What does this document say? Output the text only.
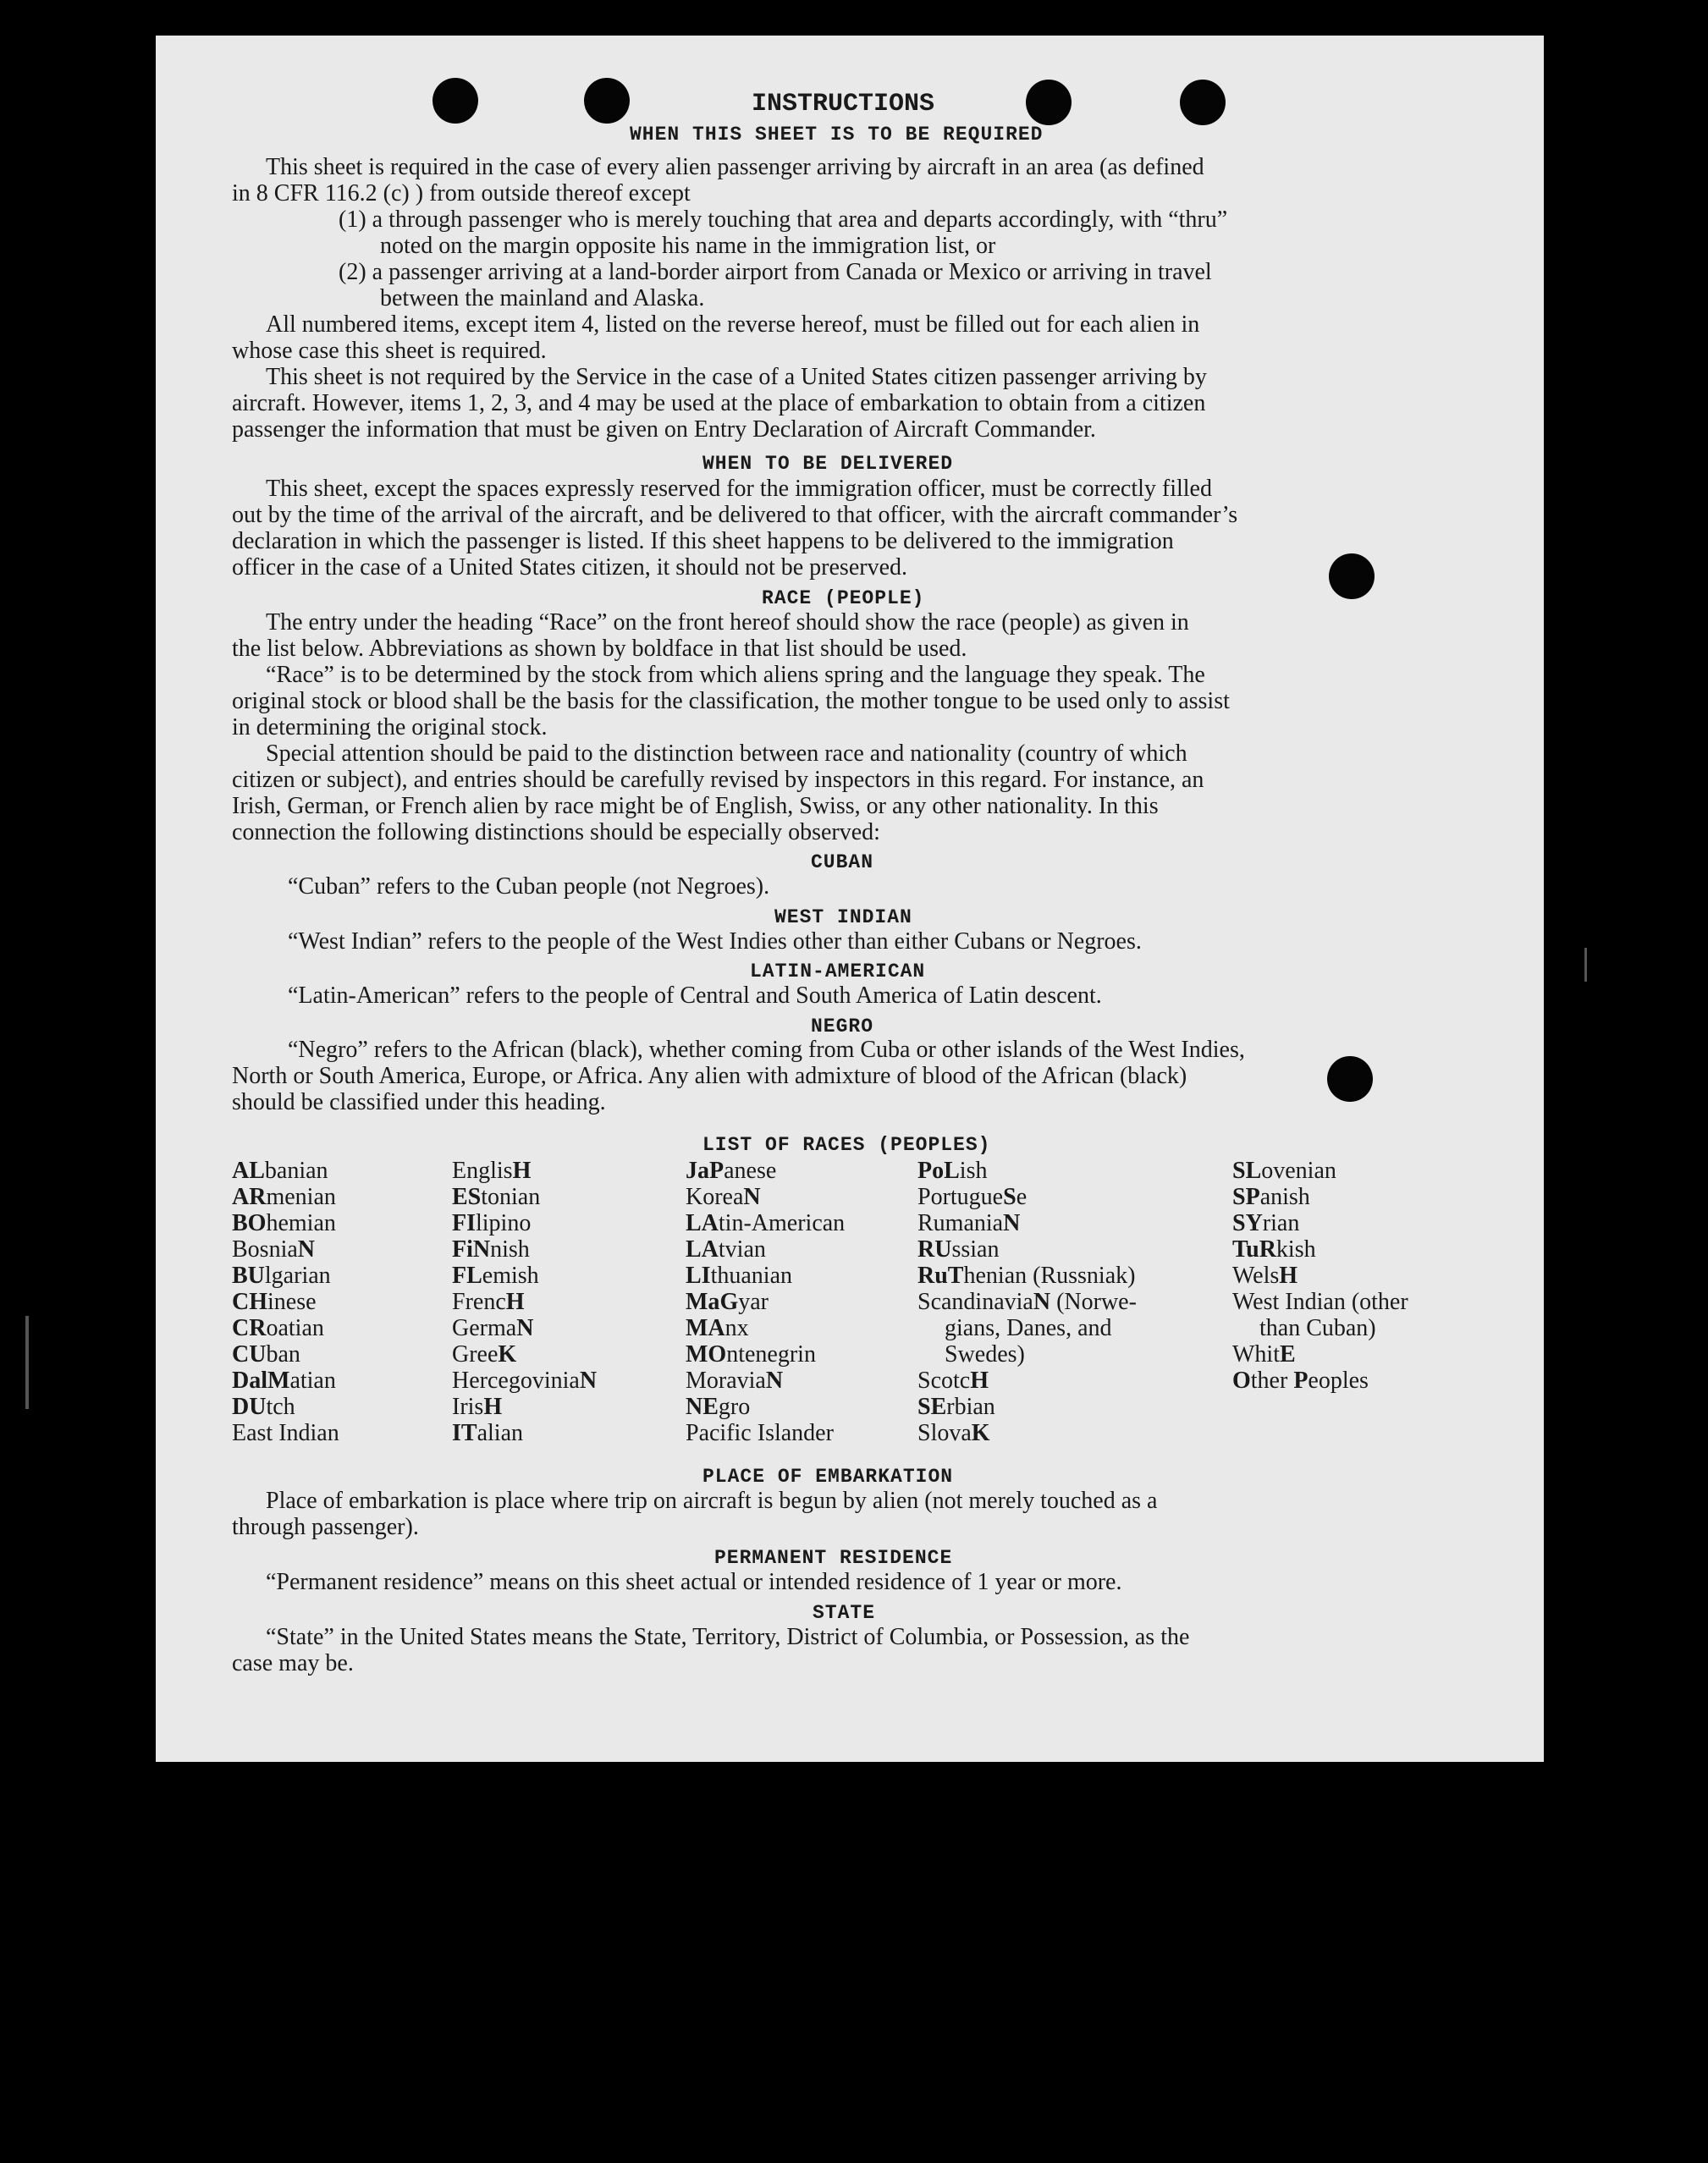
INSTRUCTIONS
WHEN THIS SHEET IS TO BE REQUIRED
This sheet is required in the case of every alien passenger arriving by aircraft in an area (as defined
in 8 CFR 116.2 (c) ) from outside thereof except
(1) a through passenger who is merely touching that area and departs accordingly, with “thru”
noted on the margin opposite his name in the immigration list, or
(2) a passenger arriving at a land-border airport from Canada or Mexico or arriving in travel
between the mainland and Alaska.
All numbered items, except item 4, listed on the reverse hereof, must be filled out for each alien in
whose case this sheet is required.
This sheet is not required by the Service in the case of a United States citizen passenger arriving by
aircraft. However, items 1, 2, 3, and 4 may be used at the place of embarkation to obtain from a citizen
passenger the information that must be given on Entry Declaration of Aircraft Commander.
WHEN TO BE DELIVERED
This sheet, except the spaces expressly reserved for the immigration officer, must be correctly filled
out by the time of the arrival of the aircraft, and be delivered to that officer, with the aircraft commander’s
declaration in which the passenger is listed. If this sheet happens to be delivered to the immigration
officer in the case of a United States citizen, it should not be preserved.
RACE (PEOPLE)
The entry under the heading “Race” on the front hereof should show the race (people) as given in
the list below. Abbreviations as shown by boldface in that list should be used.
“Race” is to be determined by the stock from which aliens spring and the language they speak. The
original stock or blood shall be the basis for the classification, the mother tongue to be used only to assist
in determining the original stock.
Special attention should be paid to the distinction between race and nationality (country of which
citizen or subject), and entries should be carefully revised by inspectors in this regard. For instance, an
Irish, German, or French alien by race might be of English, Swiss, or any other nationality. In this
connection the following distinctions should be especially observed:
CUBAN
“Cuban” refers to the Cuban people (not Negroes).
WEST INDIAN
“West Indian” refers to the people of the West Indies other than either Cubans or Negroes.
LATIN-AMERICAN
“Latin-American” refers to the people of Central and South America of Latin descent.
NEGRO
“Negro” refers to the African (black), whether coming from Cuba or other islands of the West Indies,
North or South America, Europe, or Africa. Any alien with admixture of blood of the African (black)
should be classified under this heading.
LIST OF RACES (PEOPLES)
ALbanian
ARmenian
BOhemian
BosniaN
BUlgarian
CHinese
CRoatian
CUban
DalMatian
DUtch
East Indian
EnglisH
EStonian
FIlipino
FiNnish
FLemish
FrencH
GermaN
GreeK
HercegoviniaN
IrisH
ITalian
JaPanese
KoreaN
LAtin-American
LAtvian
LIthuanian
MaGyar
MAnx
MOntenegrin
MoraviaN
NEgro
Pacific Islander
PoLish
PortugueSe
RumaniaN
RUssian
RuThenian (Russniak)
ScandinaviaN (Norwe-
gians, Danes, and
Swedes)
ScotcH
SErbian
SlovaK
SLovenian
SPanish
SYrian
TuRkish
WelsH
West Indian (other
than Cuban)
WhitE
Other Peoples
PLACE OF EMBARKATION
Place of embarkation is place where trip on aircraft is begun by alien (not merely touched as a
through passenger).
PERMANENT RESIDENCE
“Permanent residence” means on this sheet actual or intended residence of 1 year or more.
STATE
“State” in the United States means the State, Territory, District of Columbia, or Possession, as the
case may be.
